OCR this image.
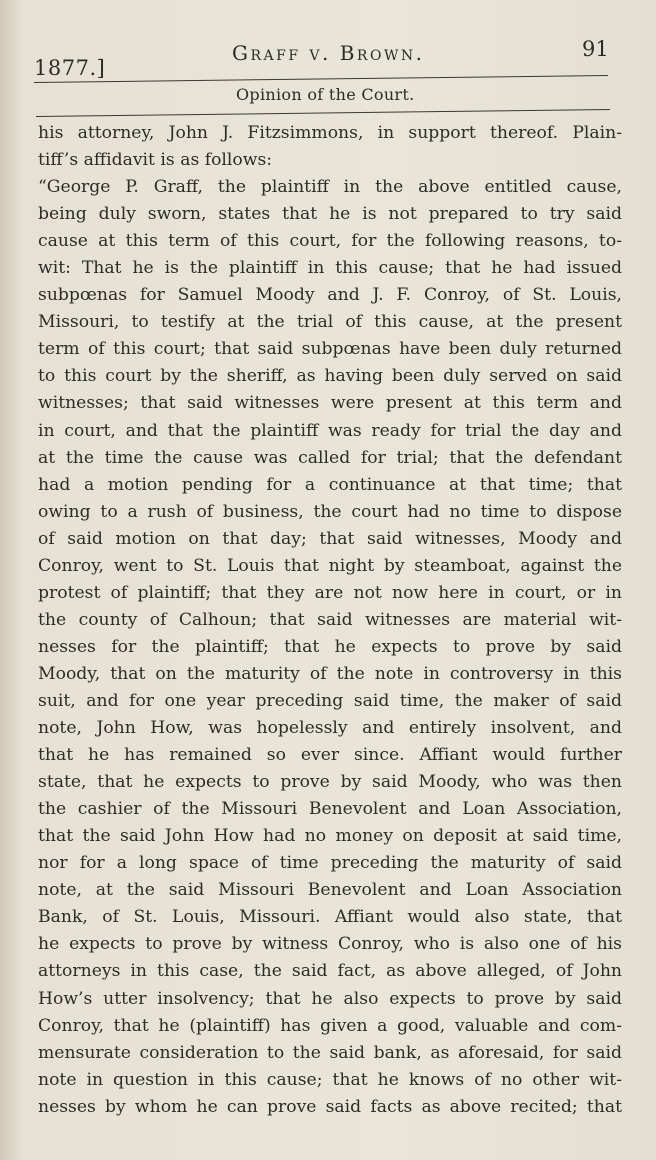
1877.]
Graff v. Brown.	91
Opinion of the Court.
his attorney, John J. Fitzsimmons, in support thereof. Plain-
tiff’s affidavit is as follows:
“George P. Graff, the plaintiff in the above entitled cause,
being duly sworn, states that he is not prepared to try said
cause at this term of this court, for the following reasons, to-
wit: That he is the plaintiff in this cause; that he had issued
subpœnas for Samuel Moody and J. F. Conroy, of St. Louis,
Missouri, to testify at the trial of this cause, at the present
term of this court; that said subpœnas have been duly returned
to this court by the sheriff, as having been duly served on said
witnesses; that said witnesses were present at this term and
in court, and that the plaintiff was ready for trial the day and
at the time the cause was called for trial; that the defendant
had a motion pending for a continuance at that time; that
owing to a rush of business, the court had no time to dispose
of said motion on that day; that said witnesses, Moody and
Conroy, went to St. Louis that night by steamboat, against the
protest of plaintiff; that they are not now here in court, or in
the county of Calhoun; that said witnesses are material wit-
nesses for the plaintiff; that he expects to prove by said
Moody, that on the maturity of the note in controversy in this
suit, and for one year preceding said time, the maker of said
note, John How, was hopelessly and entirely insolvent, and
that he has remained so ever since. Affiant would further
state, that he expects to prove by said Moody, who was then
the cashier of the Missouri Benevolent and Loan Association,
that the said John How had no money on deposit at said time,
nor for a long space of time preceding the maturity of said
note, at the said Missouri Benevolent and Loan Association
Bank, of St. Louis, Missouri. Affiant would also state, that
he expects to prove by witness Conroy, who is also one of his
attorneys in this case, the said fact, as above alleged, of John
How’s utter insolvency; that he also expects to prove by said
Conroy, that he (plaintiff) has given a good, valuable and com-
mensurate consideration to the said bank, as aforesaid, for said
note in question in this cause; that he knows of no other wit-
nesses by whom he can prove said facts as above recited; that
